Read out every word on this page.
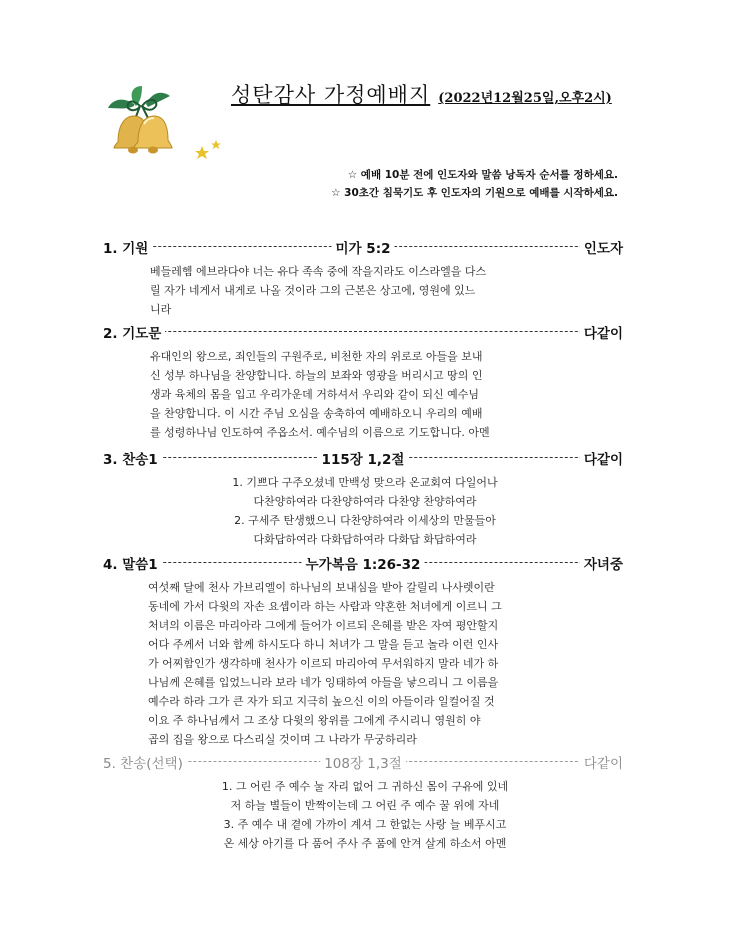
성탄감사 가정예배지 (2022년12월25일,오후2시)
☆ 예배 10분 전에 인도자와 말씀 낭독자 순서를 정하세요.
☆ 30초간 침묵기도 후 인도자의 기원으로 예배를 시작하세요.
1. 기원	미가 5:2	인도자
베들레헴 에브라다야 너는 유다 족속 중에 작을지라도 이스라엘을 다스
릴 자가 네게서 내게로 나올 것이라 그의 근본은 상고에, 영원에 있느
니라
2. 기도문	다같이
유대인의 왕으로, 죄인들의 구원주로, 비천한 자의 위로로 아들을 보내
신 성부 하나님을 찬양합니다. 하늘의 보좌와 영광을 버리시고 땅의 인
생과 육체의 몸을 입고 우리가운데 거하셔서 우리와 같이 되신 예수님
을 찬양합니다. 이 시간 주님 오심을 송축하여 예배하오니 우리의 예배
를 성령하나님 인도하여 주옵소서. 예수님의 이름으로 기도합니다. 아멘
3. 찬송1	115장 1,2절	다같이
1. 기쁘다 구주오셨네 만백성 맞으라 온교회여 다일어나
다찬양하여라 다찬양하여라 다찬양 찬양하여라
2. 구세주 탄생했으니 다찬양하여라 이세상의 만물들아
다화답하여라 다화답하여라 다화답 화답하여라
4. 말씀1	누가복음 1:26-32	자녀중
여섯째 달에 천사 가브리엘이 하나님의 보내심을 받아 갈릴리 나사렛이란
동네에 가서 다윗의 자손 요셉이라 하는 사람과 약혼한 처녀에게 이르니 그
처녀의 이름은 마리아라 그에게 들어가 이르되 은혜를 받은 자여 평안할지
어다 주께서 너와 함께 하시도다 하니 처녀가 그 말을 듣고 놀라 이런 인사
가 어찌함인가 생각하매 천사가 이르되 마리아여 무서워하지 말라 네가 하
나님께 은혜를 입었느니라 보라 네가 잉태하여 아들을 낳으리니 그 이름을
예수라 하라 그가 큰 자가 되고 지극히 높으신 이의 아들이라 일컬어질 것
이요 주 하나님께서 그 조상 다윗의 왕위를 그에게 주시리니 영원히 야
곱의 집을 왕으로 다스리실 것이며 그 나라가 무궁하리라
5. 찬송(선택)	108장 1,3절	다같이
1. 그 어린 주 예수 눌 자리 없어 그 귀하신 몸이 구유에 있네
저 하늘 별들이 반짝이는데 그 어린 주 예수 꿀 위에 자네
3. 주 예수 내 곁에 가까이 계셔 그 한없는 사랑 늘 베푸시고
온 세상 아기를 다 품어 주사 주 품에 안겨 살게 하소서 아멘
